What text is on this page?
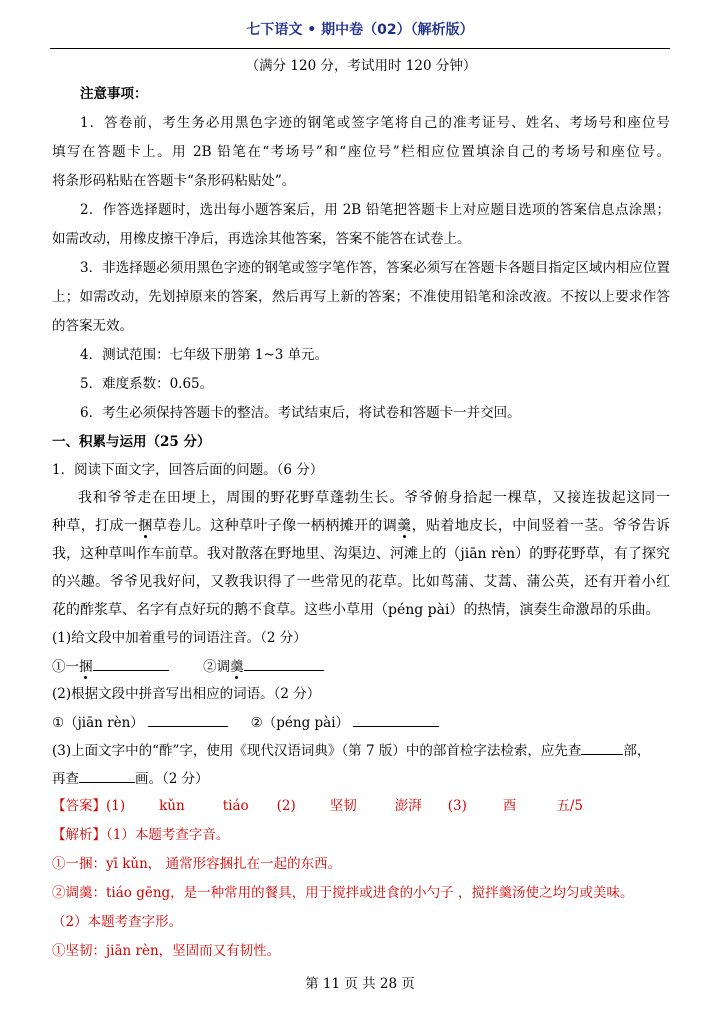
七下语文 • 期中卷（02）（解析版）
（满分 120 分，考试用时 120 分钟）
注意事项：
1．答卷前，考生务必用黑色字迹的钢笔或签字笔将自己的准考证号、姓名、考场号和座位号
填写在答题卡上。用 2B 铅笔在“考场号”和“座位号”栏相应位置填涂自己的考场号和座位号。
将条形码粘贴在答题卡“条形码粘贴处”。
2．作答选择题时，选出每小题答案后，用 2B 铅笔把答题卡上对应题目选项的答案信息点涂黑；
如需改动，用橡皮擦干净后，再选涂其他答案，答案不能答在试卷上。
3．非选择题必须用黑色字迹的钢笔或签字笔作答，答案必须写在答题卡各题目指定区域内相应位置
上；如需改动，先划掉原来的答案，然后再写上新的答案；不准使用铅笔和涂改液。不按以上要求作答
的答案无效。
4．测试范围：七年级下册第 1~3 单元。
5．难度系数：0.65。
6．考生必须保持答题卡的整洁。考试结束后，将试卷和答题卡一并交回。
一、积累与运用（25 分）
1．阅读下面文字，回答后面的问题。（6 分）
我和爷爷走在田埂上，周围的野花野草蓬勃生长。爷爷俯身拾起一棵草，又接连拔起这同一
种草，打成一捆草卷儿。这种草叶子像一柄柄摊开的调羹，贴着地皮长，中间竖着一茎。爷爷告诉
我，这种草叫作车前草。我对散落在野地里、沟渠边、河滩上的（jiān rèn）的野花野草，有了探究
的兴趣。爷爷见我好问，又教我识得了一些常见的花草。比如茑蒲、艾蒿、蒲公英，还有开着小红
花的酢浆草、名字有点好玩的鹅不食草。这些小草用（péng pài）的热情，演奏生命激昂的乐曲。
(1)给文段中加着重号的词语注音。（2 分）
①一捆	②调羹
(2)根据文段中拼音写出相应的词语。（2 分）
①（jiān rèn）	②（péng pài）
(3)上面文字中的“酢”字，使用《现代汉语词典》（第 7 版）中的部首检字法检索，应先查	部，
再查	画。（2 分）
【答案】(1)	kǔn	tiáo (2)	坚韧	澎湃 (3)	酉	五/5
【解析】（1）本题考查字音。
①一捆：yī kǔn， 通常形容捆扎在一起的东西。
②调羹：tiáo gēng，是一种常用的餐具，用于搅拌或进食的小勺子 ，搅拌羹汤使之均匀或美味。
（2）本题考查字形。
①坚韧：jiān rèn，坚固而又有韧性。
第 11 页 共 28 页
